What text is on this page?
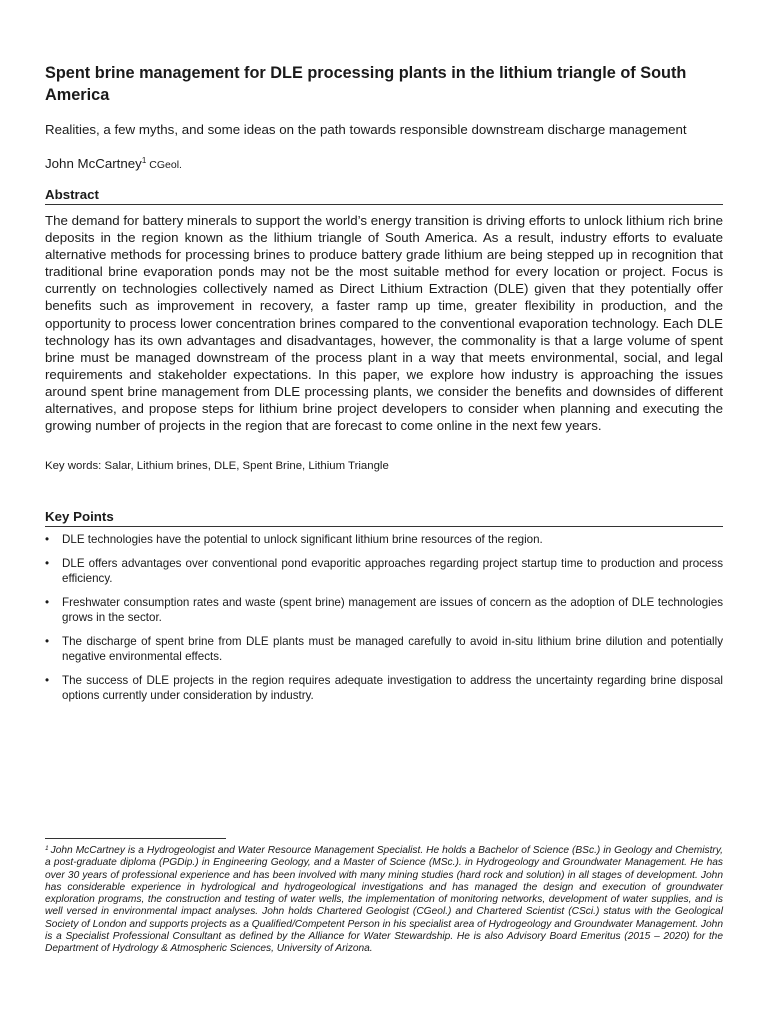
Spent brine management for DLE processing plants in the lithium triangle of South America

Realities, a few myths, and some ideas on the path towards responsible downstream discharge management

John McCartney$^1$ CGeol.

Abstract

The demand for battery minerals to support the world’s energy transition is driving efforts to unlock lithium rich brine deposits in the region known as the lithium triangle of South America. As a result, industry efforts to evaluate alternative methods for processing brines to produce battery grade lithium are being stepped up in recognition that traditional brine evaporation ponds may not be the most suitable method for every location or project. Focus is currently on technologies collectively named as Direct Lithium Extraction (DLE) given that they potentially offer benefits such as improvement in recovery, a faster ramp up time, greater flexibility in production, and the opportunity to process lower concentration brines compared to the conventional evaporation technology. Each DLE technology has its own advantages and disadvantages, however, the commonality is that a large volume of spent brine must be managed downstream of the process plant in a way that meets environmental, social, and legal requirements and stakeholder expectations. In this paper, we explore how industry is approaching the issues around spent brine management from DLE processing plants, we consider the benefits and downsides of different alternatives, and propose steps for lithium brine project developers to consider when planning and executing the growing number of projects in the region that are forecast to come online in the next few years.

Key words: Salar, Lithium brines, DLE, Spent Brine, Lithium Triangle

Key Points
• DLE technologies have the potential to unlock significant lithium brine resources of the region.
• DLE offers advantages over conventional pond evaporitic approaches regarding project startup time to production and process efficiency.
• Freshwater consumption rates and waste (spent brine) management are issues of concern as the adoption of DLE technologies grows in the sector.
• The discharge of spent brine from DLE plants must be managed carefully to avoid in-situ lithium brine dilution and potentially negative environmental effects.
• The success of DLE projects in the region requires adequate investigation to address the uncertainty regarding brine disposal options currently under consideration by industry.

$^1$ John McCartney is a Hydrogeologist and Water Resource Management Specialist. He holds a Bachelor of Science (BSc.) in Geology and Chemistry, a post-graduate diploma (PGDip.) in Engineering Geology, and a Master of Science (MSc.). in Hydrogeology and Groundwater Management. He has over 30 years of professional experience and has been involved with many mining studies (hard rock and solution) in all stages of development. John has considerable experience in hydrological and hydrogeological investigations and has managed the design and execution of groundwater exploration programs, the construction and testing of water wells, the implementation of monitoring networks, development of water supplies, and is well versed in environmental impact analyses. John holds Chartered Geologist (CGeol.) and Chartered Scientist (CSci.) status with the Geological Society of London and supports projects as a Qualified/Competent Person in his specialist area of Hydrogeology and Groundwater Management. John is a Specialist Professional Consultant as defined by the Alliance for Water Stewardship. He is also Advisory Board Emeritus (2015 – 2020) for the Department of Hydrology & Atmospheric Sciences, University of Arizona.
